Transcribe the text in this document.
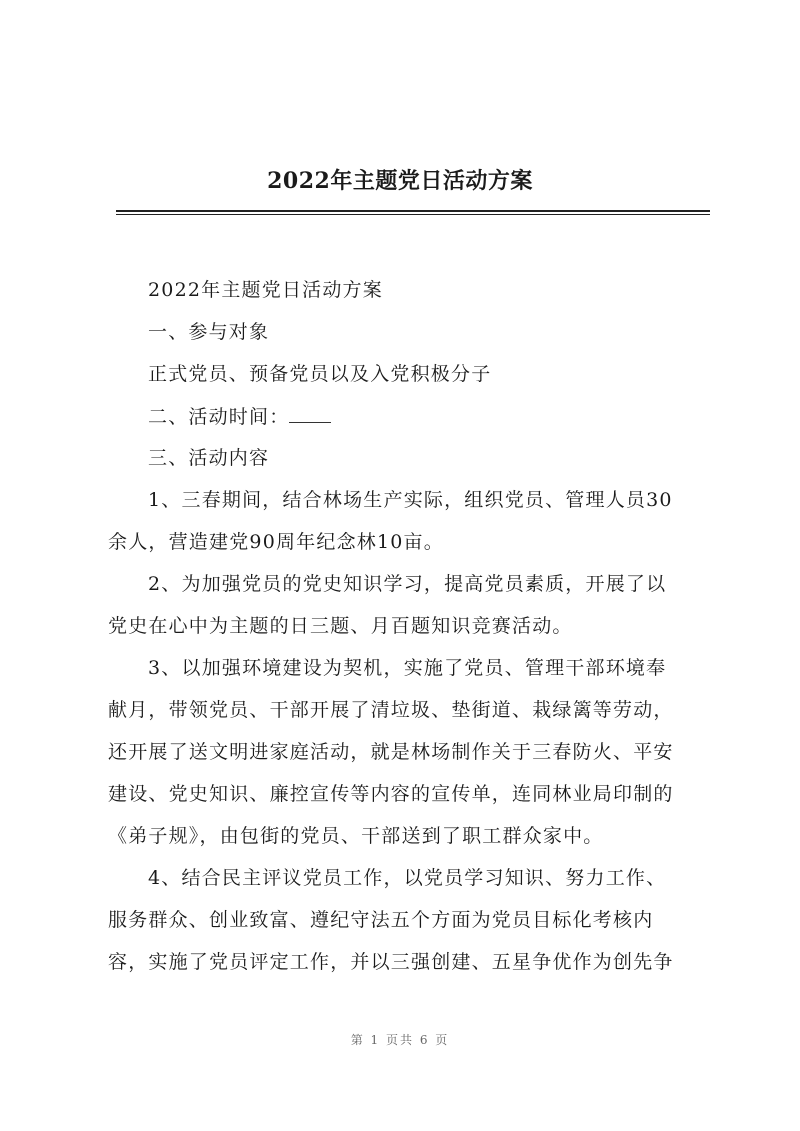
2022年主题党日活动方案
2022年主题党日活动方案
一、参与对象
正式党员、预备党员以及入党积极分子
二、活动时间：
三、活动内容
1、三春期间，结合林场生产实际，组织党员、管理人员30
余人，营造建党90周年纪念林10亩。
2、为加强党员的党史知识学习，提高党员素质，开展了以
党史在心中为主题的日三题、月百题知识竞赛活动。
3、以加强环境建设为契机，实施了党员、管理干部环境奉
献月，带领党员、干部开展了清垃圾、垫街道、栽绿篱等劳动，
还开展了送文明进家庭活动，就是林场制作关于三春防火、平安
建设、党史知识、廉控宣传等内容的宣传单，连同林业局印制的
《弟子规》，由包街的党员、干部送到了职工群众家中。
4、结合民主评议党员工作，以党员学习知识、努力工作、
服务群众、创业致富、遵纪守法五个方面为党员目标化考核内
容，实施了党员评定工作，并以三强创建、五星争优作为创先争
第 1 页共 6 页
